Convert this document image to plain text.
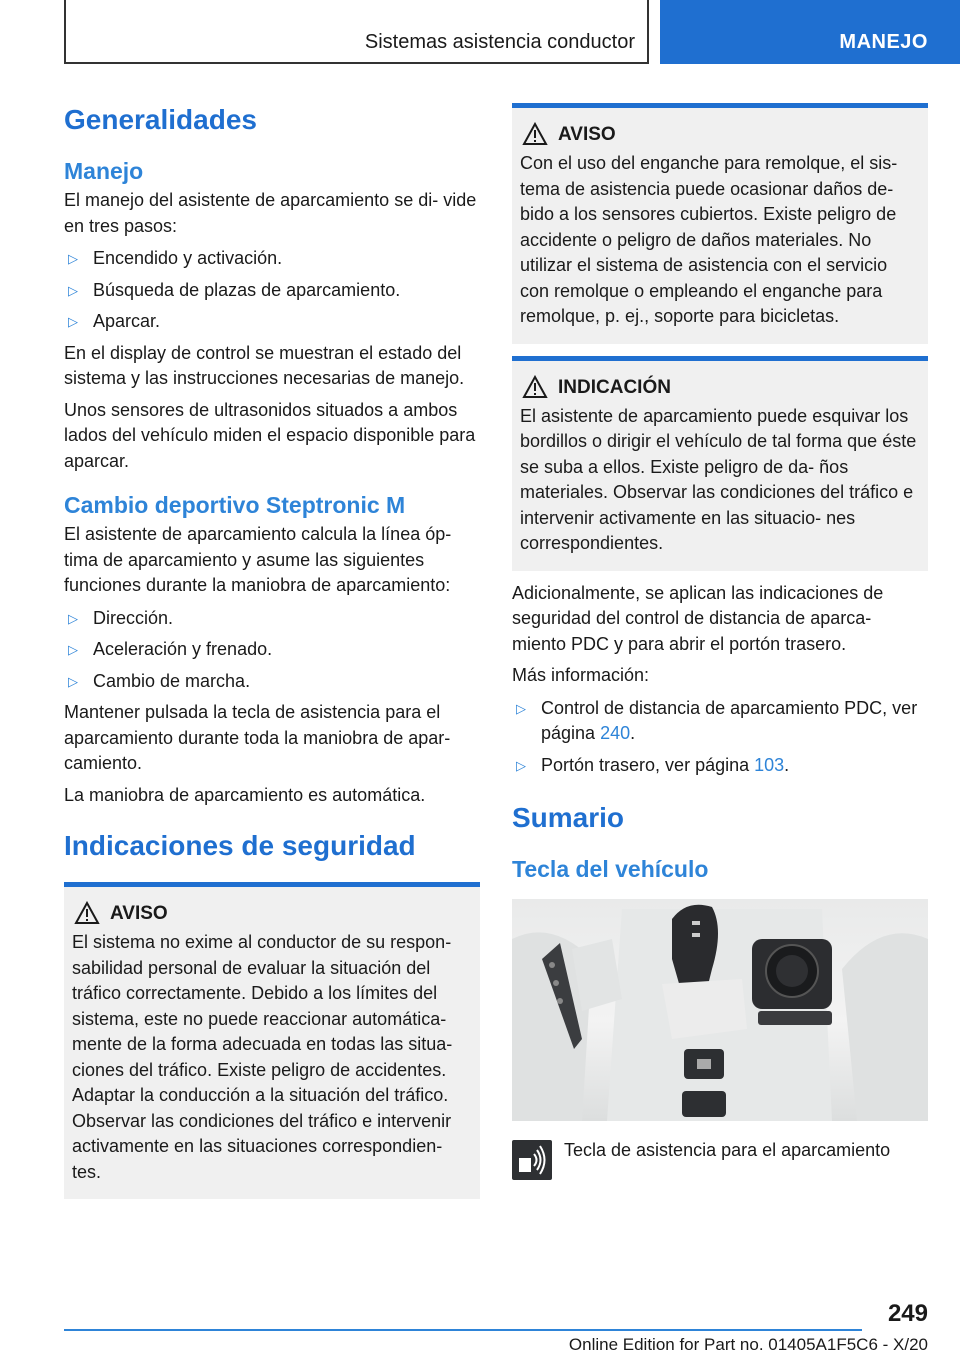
Sistemas asistencia conductor	MANEJO
Generalidades
Manejo

El manejo del asistente de aparcamiento se di- vide en tres pasos:

▷ Encendido y activación.
▷ Búsqueda de plazas de aparcamiento.
▷ Aparcar.

En el display de control se muestran el estado del sistema y las instrucciones necesarias de manejo.

Unos sensores de ultrasonidos situados a ambos lados del vehículo miden el espacio disponible para aparcar.

Cambio deportivo Steptronic M

El asistente de aparcamiento calcula la línea óp- tima de aparcamiento y asume las siguientes funciones durante la maniobra de aparcamiento:

▷ Dirección.
▷ Aceleración y frenado.
▷ Cambio de marcha.

Mantener pulsada la tecla de asistencia para el aparcamiento durante toda la maniobra de apar- camiento.

La maniobra de aparcamiento es automática.

Indicaciones de seguridad
AVISO

El sistema no exime al conductor de su respon- sabilidad personal de evaluar la situación del tráfico correctamente. Debido a los límites del sistema, este no puede reaccionar automática- mente de la forma adecuada en todas las situa- ciones del tráfico. Existe peligro de accidentes. Adaptar la conducción a la situación del tráfico. Observar las condiciones del tráfico e intervenir activamente en las situaciones correspondien- tes.

AVISO

Con el uso del enganche para remolque, el sis- tema de asistencia puede ocasionar daños de- bido a los sensores cubiertos. Existe peligro de accidente o peligro de daños materiales. No utilizar el sistema de asistencia con el servicio con remolque o empleando el enganche para remolque, p. ej., soporte para bicicletas.

INDICACIÓN

El asistente de aparcamiento puede esquivar los bordillos o dirigir el vehículo de tal forma que éste se suba a ellos. Existe peligro de da- ños materiales. Observar las condiciones del tráfico e intervenir activamente en las situacio- nes correspondientes.

Adicionalmente, se aplican las indicaciones de seguridad del control de distancia de aparca- miento PDC y para abrir el portón trasero.

Más información:

▷ Control de distancia de aparcamiento PDC, ver página 240.
▷ Portón trasero, ver página 103.
Sumario
Tecla del vehículo

Tecla de asistencia para el aparcamiento

249
Online Edition for Part no. 01405A1F5C6 - X/20
